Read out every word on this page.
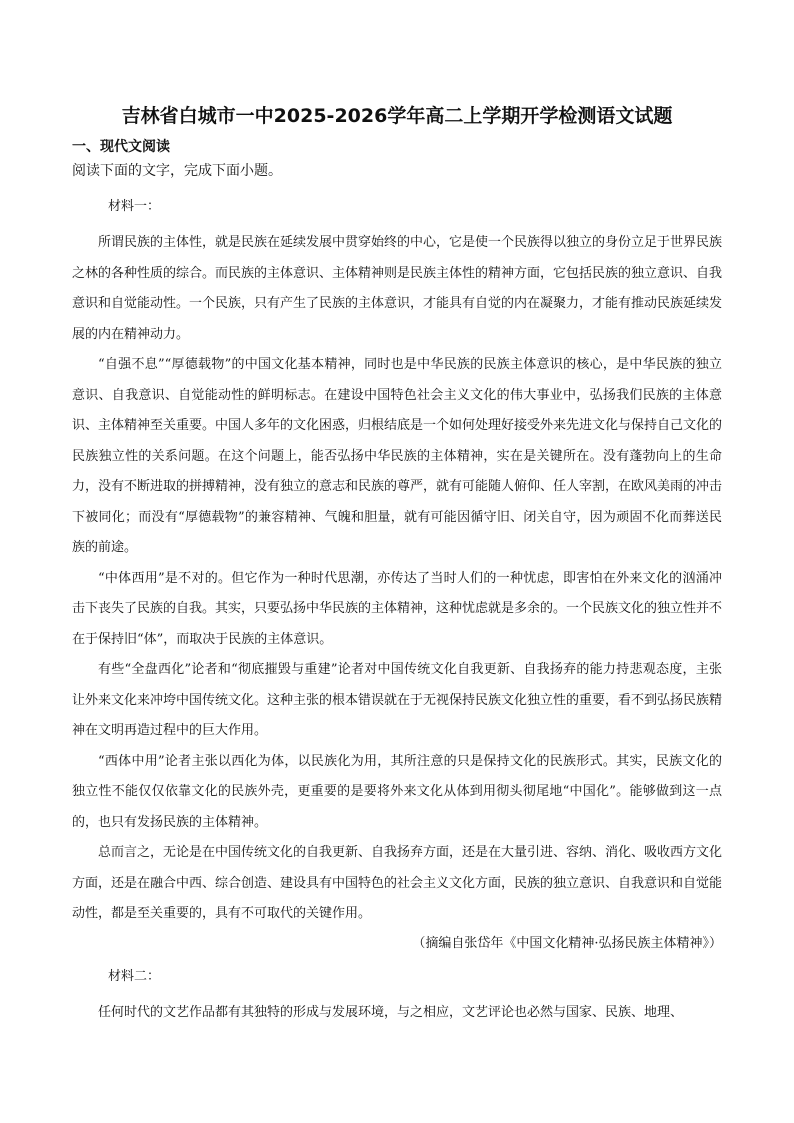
吉林省白城市一中2025-2026学年高二上学期开学检测语文试题

一、现代文阅读

阅读下面的文字，完成下面小题。

材料一：

所谓民族的主体性，就是民族在延续发展中贯穿始终的中心，它是使一个民族得以独立的身份立足于世界民族之林的各种性质的综合。而民族的主体意识、主体精神则是民族主体性的精神方面，它包括民族的独立意识、自我意识和自觉能动性。一个民族，只有产生了民族的主体意识，才能具有自觉的内在凝聚力，才能有推动民族延续发展的内在精神动力。

“自强不息”“厚德载物”的中国文化基本精神，同时也是中华民族的民族主体意识的核心，是中华民族的独立意识、自我意识、自觉能动性的鲜明标志。在建设中国特色社会主义文化的伟大事业中，弘扬我们民族的主体意识、主体精神至关重要。中国人多年的文化困惑，归根结底是一个如何处理好接受外来先进文化与保持自己文化的民族独立性的关系问题。在这个问题上，能否弘扬中华民族的主体精神，实在是关键所在。没有蓬勃向上的生命力，没有不断进取的拼搏精神，没有独立的意志和民族的尊严，就有可能随人俯仰、任人宰割，在欧风美雨的冲击下被同化；而没有“厚德载物”的兼容精神、气魄和胆量，就有可能因循守旧、闭关自守，因为顽固不化而葬送民族的前途。

“中体西用”是不对的。但它作为一种时代思潮，亦传达了当时人们的一种忧虑，即害怕在外来文化的汹涌冲击下丧失了民族的自我。其实，只要弘扬中华民族的主体精神，这种忧虑就是多余的。一个民族文化的独立性并不在于保持旧“体”，而取决于民族的主体意识。

有些“全盘西化”论者和“彻底摧毁与重建”论者对中国传统文化自我更新、自我扬弃的能力持悲观态度，主张让外来文化来冲垮中国传统文化。这种主张的根本错误就在于无视保持民族文化独立性的重要，看不到弘扬民族精神在文明再造过程中的巨大作用。

“西体中用”论者主张以西化为体，以民族化为用，其所注意的只是保持文化的民族形式。其实，民族文化的独立性不能仅仅依靠文化的民族外壳，更重要的是要将外来文化从体到用彻头彻尾地“中国化”。能够做到这一点的，也只有发扬民族的主体精神。

总而言之，无论是在中国传统文化的自我更新、自我扬弃方面，还是在大量引进、容纳、消化、吸收西方文化方面，还是在融合中西、综合创造、建设具有中国特色的社会主义文化方面，民族的独立意识、自我意识和自觉能动性，都是至关重要的，具有不可取代的关键作用。

（摘编自张岱年《中国文化精神·弘扬民族主体精神》）

材料二：

任何时代的文艺作品都有其独特的形成与发展环境，与之相应，文艺评论也必然与国家、民族、地理、
